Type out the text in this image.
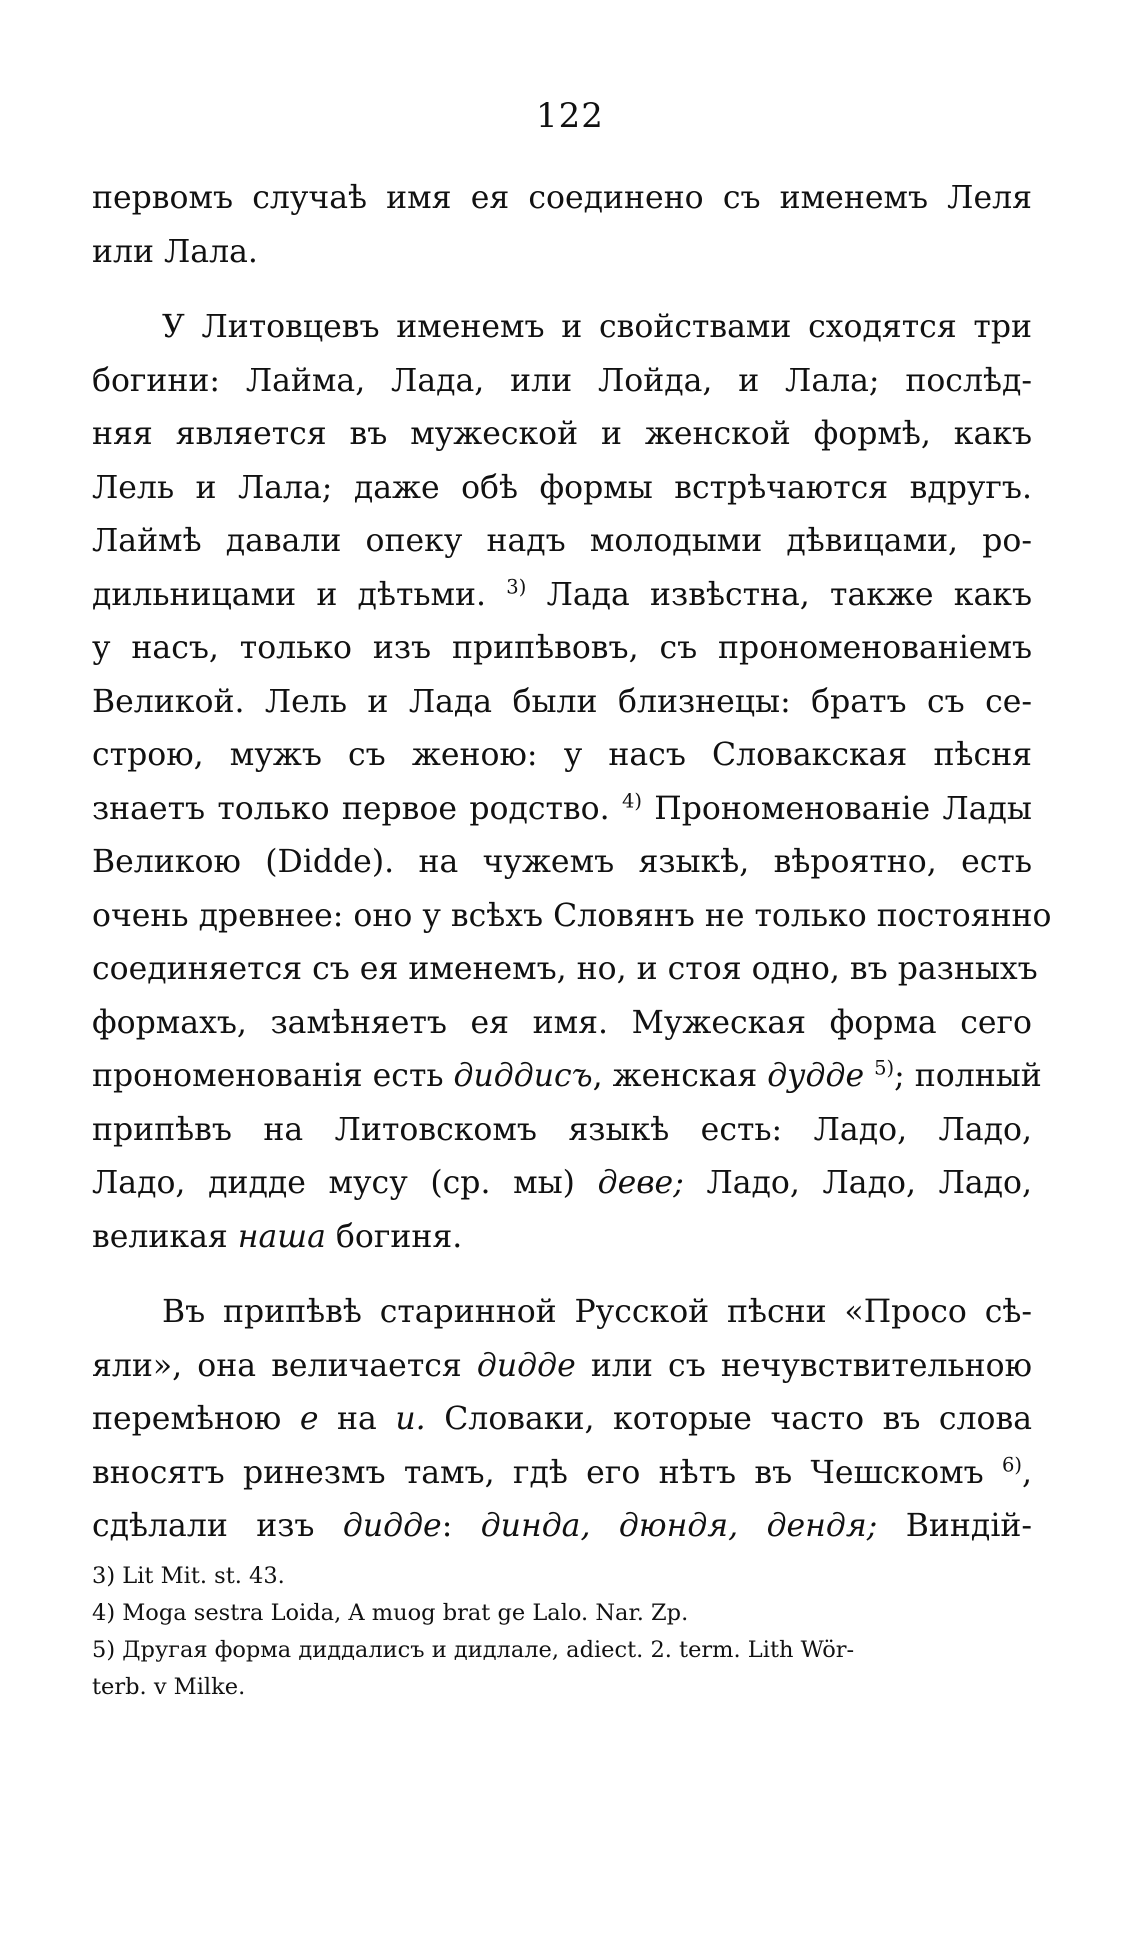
122

первомъ случаѣ имя ея соединено съ именемъ Леля
или Лала.

У Литовцевъ именемъ и свойствами сходятся три
богини: Лайма, Лада, или Лойда, и Лала; послѣд-
няя является въ мужеской и женской формѣ, какъ
Лель и Лала; даже обѣ формы встрѣчаются вдругъ.
Лаймѣ давали опеку надъ молодыми дѣвицами, ро-
дильницами и дѣтьми. $^{3)}$ Лада извѣстна, также какъ
у насъ, только изъ припѣвовъ, съ прономенованіемъ
Великой. Лель и Лада были близнецы: братъ съ се-
строю, мужъ съ женою: у насъ Словакская пѣсня
знаетъ только первое родство. $^{4)}$ Прономенованіе Лады
Великою (Didde). на чужемъ языкѣ, вѣроятно, есть
очень древнее: оно у всѣхъ Словянъ не только постоянно
соединяется съ ея именемъ, но, и стоя одно, въ разныхъ
формахъ, замѣняетъ ея имя. Мужеская форма сего
прономенованія есть диддисъ, женская дудде $^{5)}$; полный
припѣвъ на Литовскомъ языкѣ есть: Ладо, Ладо,
Ладо, дидде мусу (ср. мы) деве; Ладо, Ладо, Ладо,
великая наша богиня.

Въ припѣвѣ старинной Русской пѣсни «Просо сѣ-
яли», она величается дидде или съ нечувствительною
перемѣною е на и. Словаки, которые часто въ слова
вносятъ ринезмъ тамъ, гдѣ его нѣтъ въ Чешскомъ $^{6)}$,
сдѣлали изъ дидде: динда, дюндя, дендя; Виндій-

3) Lit Mit. st. 43.
4) Moga sestra Loida, A muog brat ge Lalo. Nar. Zp.
5) Другая форма диддалисъ и дидлале, adiect. 2. term. Lith Wör-
terb. v Milke.
